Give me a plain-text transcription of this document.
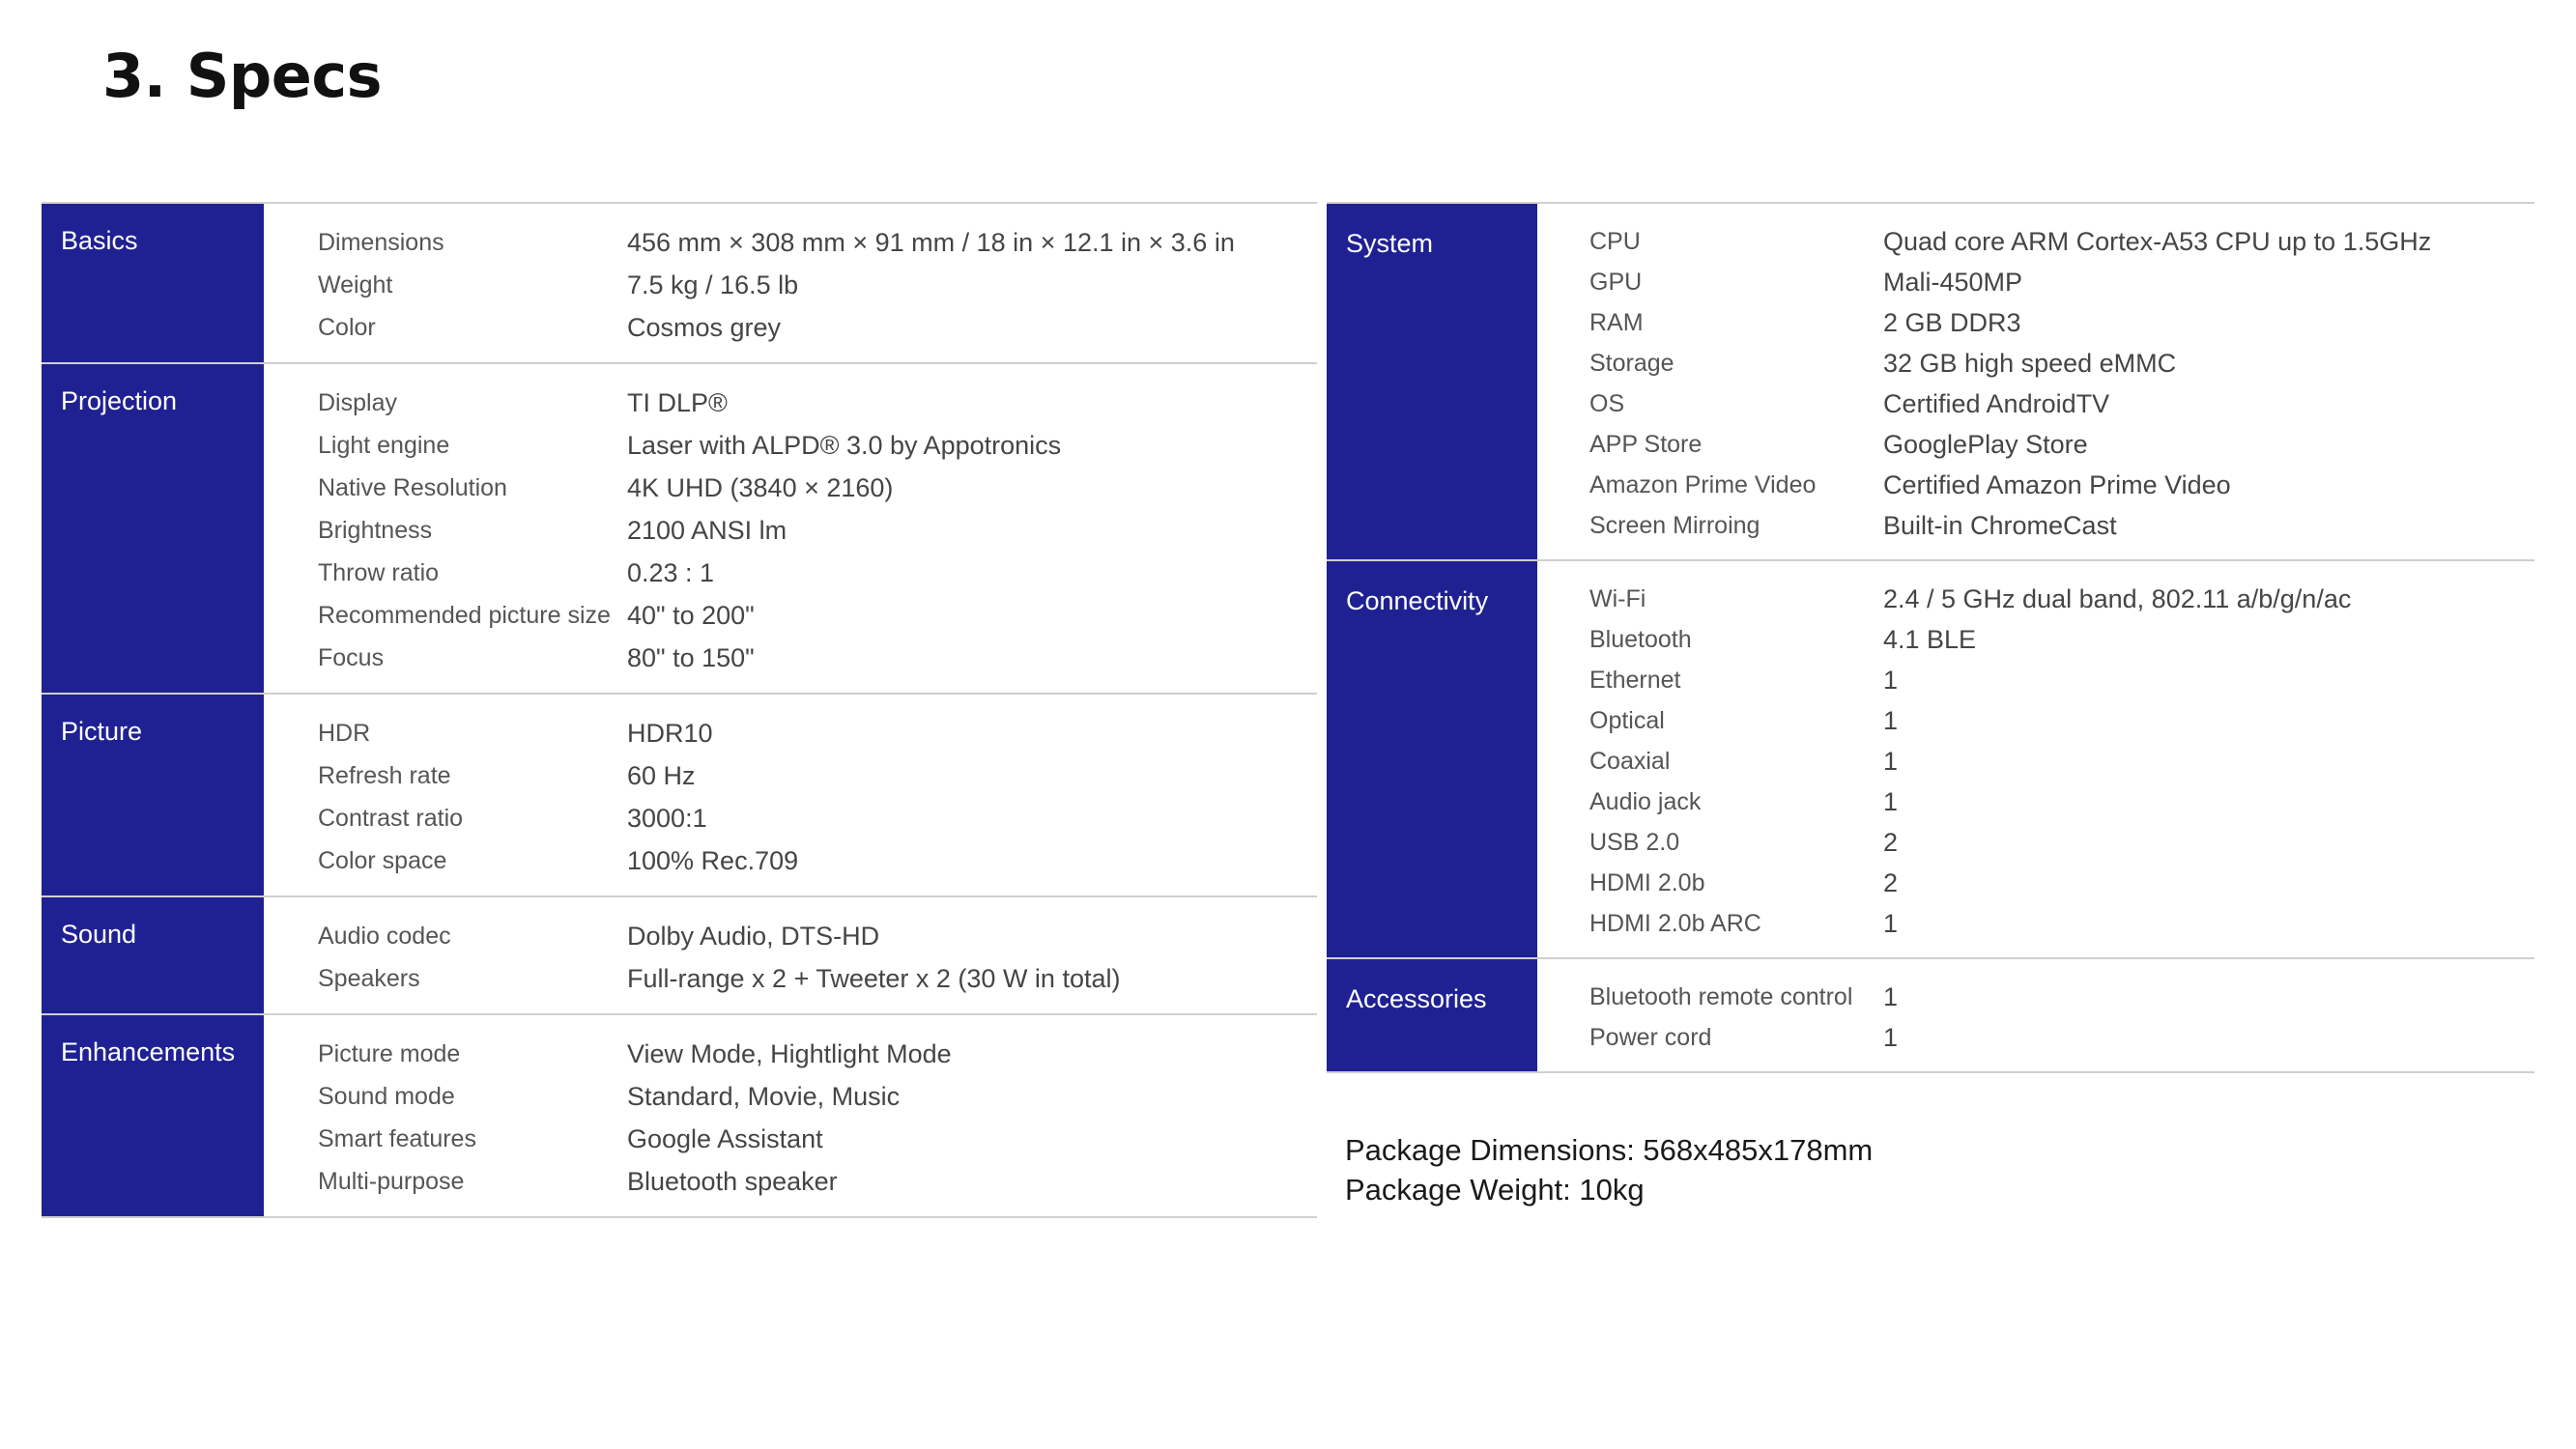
3. Specs
Basics	Dimensions	456 mm × 308 mm × 91 mm / 18 in × 12.1 in × 3.6 in
Weight	7.5 kg / 16.5 lb
Color	Cosmos grey
Projection	Display	TI DLP®
Light engine	Laser with ALPD® 3.0 by Appotronics
Native Resolution	4K UHD (3840 × 2160)
Brightness	2100 ANSI lm
Throw ratio	0.23 : 1
Recommended picture size 40" to 200"
Focus	80" to 150"
Picture	HDR	HDR10
Refresh rate	60 Hz
Contrast ratio	3000:1
Color space	100% Rec.709
Sound	Audio codec	Dolby Audio, DTS-HD
Speakers	Full-range x 2 + Tweeter x 2 (30 W in total)
Enhancements	Picture mode	View Mode, Hightlight Mode
Sound mode	Standard, Movie, Music
Smart features	Google Assistant
Multi-purpose	Bluetooth speaker
System	CPU	Quad core ARM Cortex-A53 CPU up to 1.5GHz
GPU	Mali-450MP
RAM	2 GB DDR3
Storage	32 GB high speed eMMC
OS	Certified AndroidTV
APP Store	GooglePlay Store
Amazon Prime Video	Certified Amazon Prime Video
Screen Mirroing	Built-in ChromeCast
Connectivity	Wi-Fi	2.4 / 5 GHz dual band, 802.11 a/b/g/n/ac
Bluetooth	4.1 BLE
Ethernet	1
Optical	1
Coaxial	1
Audio jack	1
USB 2.0	2
HDMI 2.0b	2
HDMI 2.0b ARC	1
Accessories	Bluetooth remote control	1
Power cord	1
Package Dimensions: 568x485x178mm
Package Weight: 10kg
